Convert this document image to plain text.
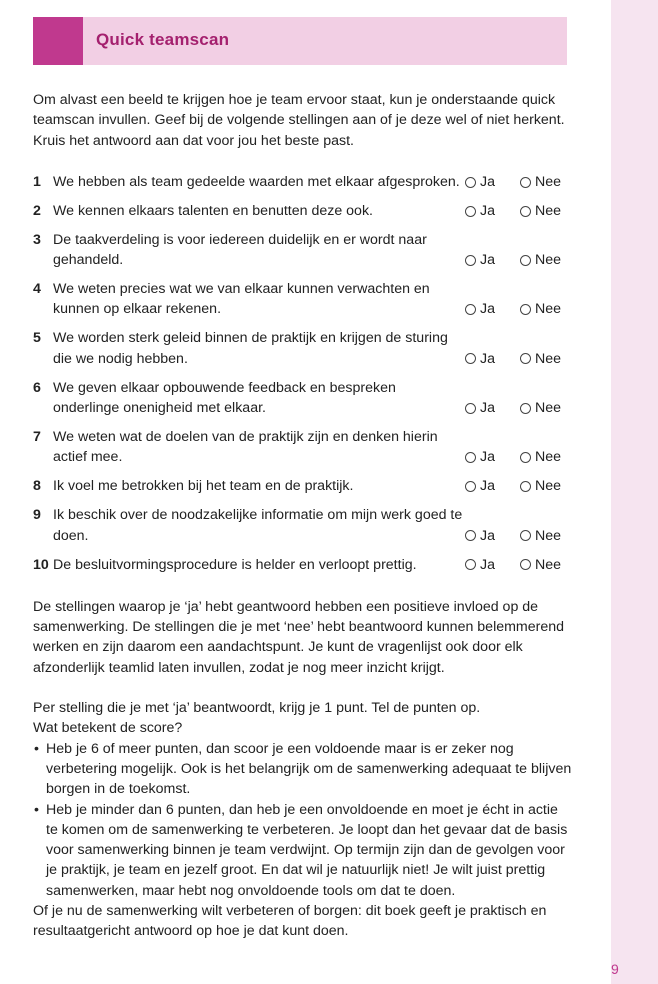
Quick teamscan

Om alvast een beeld te krijgen hoe je team ervoor staat, kun je onderstaande quick teamscan invullen. Geef bij de volgende stellingen aan of je deze wel of niet herkent. Kruis het antwoord aan dat voor jou het beste past.

1 We hebben als team gedeelde waarden met elkaar afgesproken.	Ja	Nee
2 We kennen elkaars talenten en benutten deze ook.	Ja	Nee
3 De taakverdeling is voor iedereen duidelijk en er wordt naar gehandeld.	Ja	Nee
4 We weten precies wat we van elkaar kunnen verwachten en kunnen op elkaar rekenen.	Ja	Nee
5 We worden sterk geleid binnen de praktijk en krijgen de sturing die we nodig hebben.	Ja	Nee
6 We geven elkaar opbouwende feedback en bespreken onderlinge onenigheid met elkaar.	Ja	Nee
7 We weten wat de doelen van de praktijk zijn en denken hierin actief mee.	Ja	Nee
8 Ik voel me betrokken bij het team en de praktijk.	Ja	Nee
9 Ik beschik over de noodzakelijke informatie om mijn werk goed te doen.	Ja	Nee
10 De besluitvormingsprocedure is helder en verloopt prettig.	Ja	Nee

De stellingen waarop je ‘ja’ hebt geantwoord hebben een positieve invloed op de samenwerking. De stellingen die je met ‘nee’ hebt beantwoord kunnen belemmerend werken en zijn daarom een aandachtspunt. Je kunt de vragenlijst ook door elk afzonderlijk teamlid laten invullen, zodat je nog meer inzicht krijgt.

Per stelling die je met ‘ja’ beantwoordt, krijg je 1 punt. Tel de punten op.

Wat betekent de score?

• Heb je 6 of meer punten, dan scoor je een voldoende maar is er zeker nog verbetering mogelijk. Ook is het belangrijk om de samenwerking adequaat te blijven borgen in de toekomst.
• Heb je minder dan 6 punten, dan heb je een onvoldoende en moet je écht in actie te komen om de samenwerking te verbeteren. Je loopt dan het gevaar dat de basis voor samenwerking binnen je team verdwijnt. Op termijn zijn dan de gevolgen voor je praktijk, je team en jezelf groot. En dat wil je natuurlijk niet! Je wilt juist prettig samenwerken, maar hebt nog onvoldoende tools om dat te doen.

Of je nu de samenwerking wilt verbeteren of borgen: dit boek geeft je praktisch en resultaatgericht antwoord op hoe je dat kunt doen.

9
